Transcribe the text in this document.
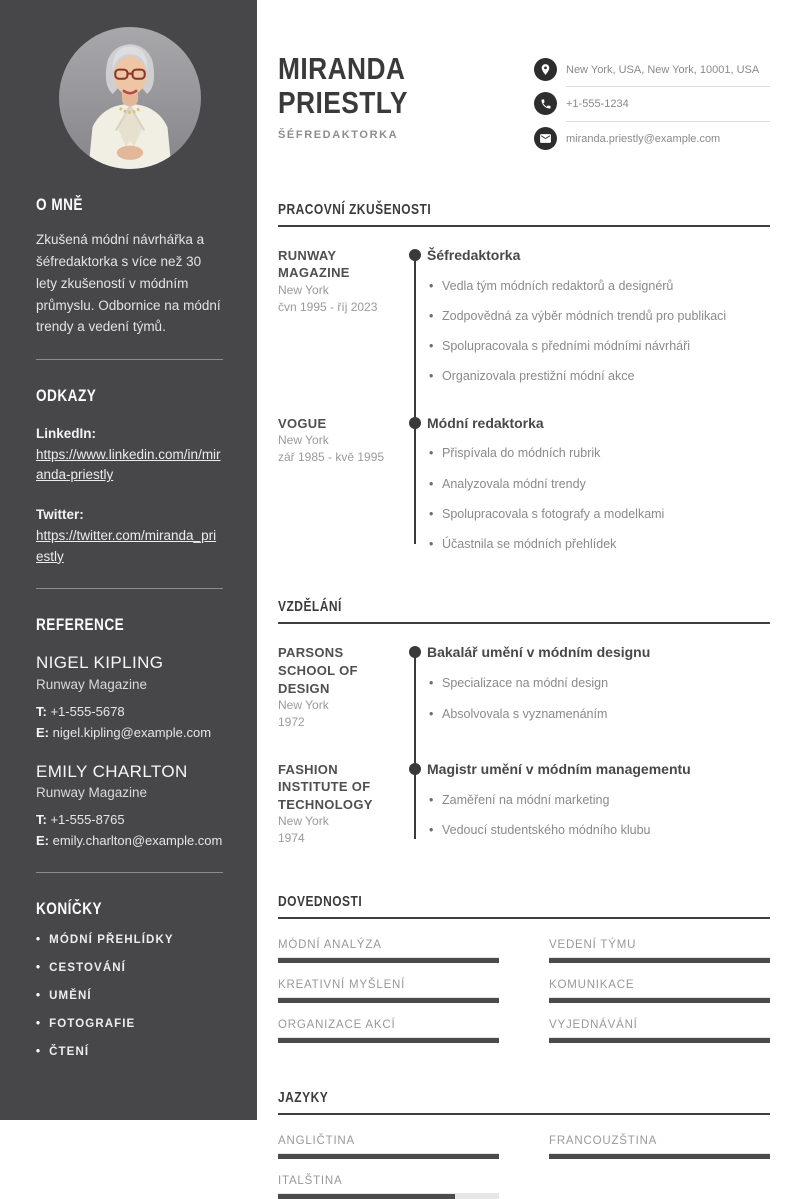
O MNĚ

Zkušená módní návrhářka a šéfredaktorka s více než 30 lety zkušeností v módním průmyslu. Odbornice na módní trendy a vedení týmů.

ODKAZY
LinkedIn:
https://www.linkedin.com/in/miranda-priestly
Twitter:
https://twitter.com/miranda_priestly
REFERENCE
NIGEL KIPLING
Runway Magazine
T: +1-555-5678
E: nigel.kipling@example.com
EMILY CHARLTON
Runway Magazine
T: +1-555-8765
E: emily.charlton@example.com
KONÍČKY
• MÓDNÍ PŘEHLÍDKY
• CESTOVÁNÍ
• UMĚNÍ
• FOTOGRAFIE
• ČTENÍ
MIRANDA
PRIESTLY
ŠÉFREDAKTORKA
New York, USA, New York, 10001, USA
+1-555-1234
miranda.priestly@example.com
PRACOVNÍ ZKUŠENOSTI
RUNWAY MAGAZINE
New York
čvn 1995 - říj 2023
Šéfredaktorka
• Vedla tým módních redaktorů a designérů
• Zodpovědná za výběr módních trendů pro publikaci
• Spolupracovala s předními módními návrháři
• Organizovala prestižní módní akce
VOGUE
New York
zář 1985 - kvě 1995
Módní redaktorka
• Přispívala do módních rubrik
• Analyzovala módní trendy
• Spolupracovala s fotografy a modelkami
• Účastnila se módních přehlídek
VZDĚLÁNÍ
PARSONS SCHOOL OF DESIGN
New York
1972
Bakalář umění v módním designu
• Specializace na módní design
• Absolvovala s vyznamenáním
FASHION INSTITUTE OF TECHNOLOGY
New York
1974
Magistr umění v módním managementu
• Zaměření na módní marketing
• Vedoucí studentského módního klubu
DOVEDNOSTI
MÓDNÍ ANALÝZA	VEDENÍ TÝMU
KREATIVNÍ MYŠLENÍ	KOMUNIKACE
ORGANIZACE AKCÍ	VYJEDNÁVÁNÍ
JAZYKY
ANGLIČTINA	FRANCOUZŠTINA
ITALŠTINA
